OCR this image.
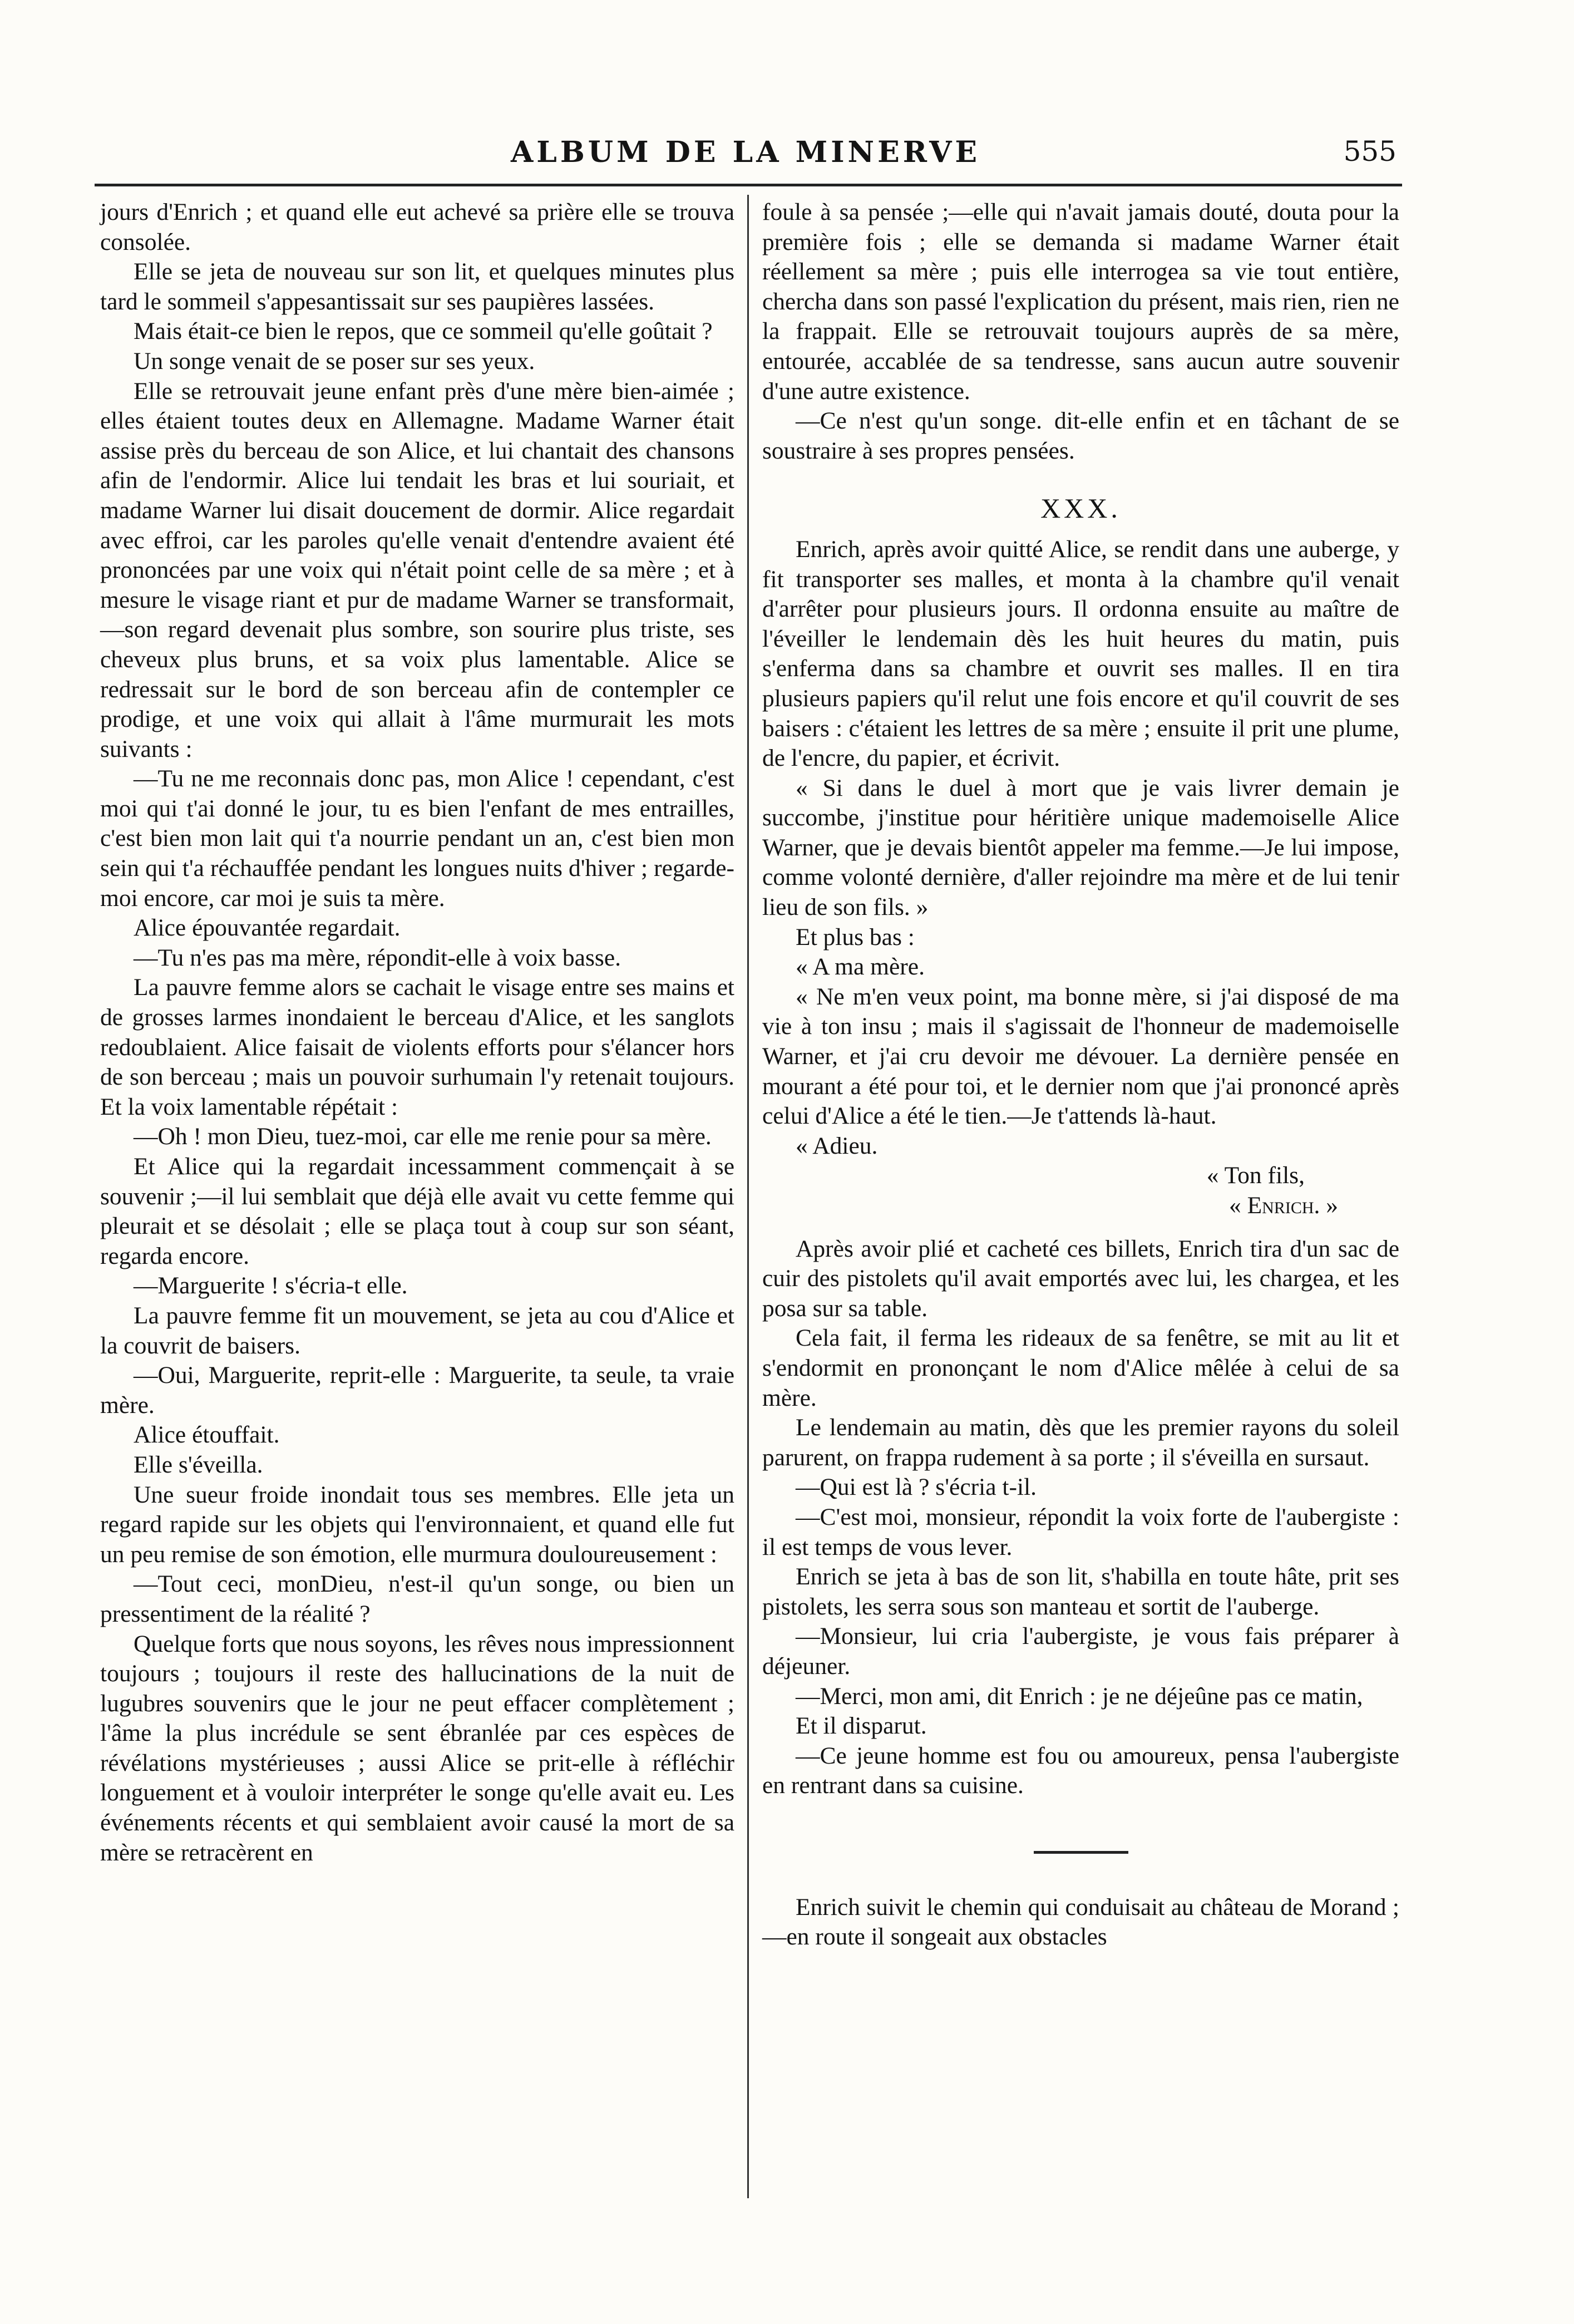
ALBUM DE LA MINERVE	555

jours d'Enrich ; et quand elle eut achevé sa prière elle se trouva consolée.

Elle se jeta de nouveau sur son lit, et quelques minutes plus tard le sommeil s'appesantissait sur ses paupières lassées.

Mais était-ce bien le repos, que ce sommeil qu'elle goûtait ?

Un songe venait de se poser sur ses yeux.

Elle se retrouvait jeune enfant près d'une mère bien-aimée ; elles étaient toutes deux en Allemagne. Madame Warner était assise près du berceau de son Alice, et lui chantait des chansons afin de l'endormir. Alice lui tendait les bras et lui souriait, et madame Warner lui disait doucement de dormir. Alice regardait avec effroi, car les paroles qu'elle venait d'entendre avaient été prononcées par une voix qui n'était point celle de sa mère ; et à mesure le visage riant et pur de madame Warner se transformait,—son regard devenait plus sombre, son sourire plus triste, ses cheveux plus bruns, et sa voix plus lamentable. Alice se redressait sur le bord de son berceau afin de contempler ce prodige, et une voix qui allait à l'âme murmurait les mots suivants :

—Tu ne me reconnais donc pas, mon Alice ! cependant, c'est moi qui t'ai donné le jour, tu es bien l'enfant de mes entrailles, c'est bien mon lait qui t'a nourrie pendant un an, c'est bien mon sein qui t'a réchauffée pendant les longues nuits d'hiver ; regarde-moi encore, car moi je suis ta mère.

Alice épouvantée regardait.

—Tu n'es pas ma mère, répondit-elle à voix basse.

La pauvre femme alors se cachait le visage entre ses mains et de grosses larmes inondaient le berceau d'Alice, et les sanglots redoublaient. Alice faisait de violents efforts pour s'élancer hors de son berceau ; mais un pouvoir surhumain l'y retenait toujours. Et la voix lamentable répétait :

—Oh ! mon Dieu, tuez-moi, car elle me renie pour sa mère.

Et Alice qui la regardait incessamment commençait à se souvenir ;—il lui semblait que déjà elle avait vu cette femme qui pleurait et se désolait ; elle se plaça tout à coup sur son séant, regarda encore.

—Marguerite ! s'écria-t elle.

La pauvre femme fit un mouvement, se jeta au cou d'Alice et la couvrit de baisers.

—Oui, Marguerite, reprit-elle : Marguerite, ta seule, ta vraie mère.

Alice étouffait.

Elle s'éveilla.

Une sueur froide inondait tous ses membres. Elle jeta un regard rapide sur les objets qui l'environnaient, et quand elle fut un peu remise de son émotion, elle murmura douloureusement :

—Tout ceci, monDieu, n'est-il qu'un songe, ou bien un pressentiment de la réalité ?

Quelque forts que nous soyons, les rêves nous impressionnent toujours ; toujours il reste des hallucinations de la nuit de lugubres souvenirs que le jour ne peut effacer complètement ; l'âme la plus incrédule se sent ébranlée par ces espèces de révélations mystérieuses ; aussi Alice se prit-elle à réfléchir longuement et à vouloir interpréter le songe qu'elle avait eu. Les événements récents et qui semblaient avoir causé la mort de sa mère se retracèrent en

foule à sa pensée ;—elle qui n'avait jamais douté, douta pour la première fois ; elle se demanda si madame Warner était réellement sa mère ; puis elle interrogea sa vie tout entière, chercha dans son passé l'explication du présent, mais rien, rien ne la frappait. Elle se retrouvait toujours auprès de sa mère, entourée, accablée de sa tendresse, sans aucun autre souvenir d'une autre existence.

—Ce n'est qu'un songe. dit-elle enfin et en tâchant de se soustraire à ses propres pensées.

XXX.

Enrich, après avoir quitté Alice, se rendit dans une auberge, y fit transporter ses malles, et monta à la chambre qu'il venait d'arrêter pour plusieurs jours. Il ordonna ensuite au maître de l'éveiller le lendemain dès les huit heures du matin, puis s'enferma dans sa chambre et ouvrit ses malles. Il en tira plusieurs papiers qu'il relut une fois encore et qu'il couvrit de ses baisers : c'étaient les lettres de sa mère ; ensuite il prit une plume, de l'encre, du papier, et écrivit.

« Si dans le duel à mort que je vais livrer demain je succombe, j'institue pour héritière unique mademoiselle Alice Warner, que je devais bientôt appeler ma femme.—Je lui impose, comme volonté dernière, d'aller rejoindre ma mère et de lui tenir lieu de son fils. »

Et plus bas :

« A ma mère.

« Ne m'en veux point, ma bonne mère, si j'ai disposé de ma vie à ton insu ; mais il s'agissait de l'honneur de mademoiselle Warner, et j'ai cru devoir me dévouer. La dernière pensée en mourant a été pour toi, et le dernier nom que j'ai prononcé après celui d'Alice a été le tien.—Je t'attends là-haut.

« Adieu.

« Ton fils,

« Enrich. »

Après avoir plié et cacheté ces billets, Enrich tira d'un sac de cuir des pistolets qu'il avait emportés avec lui, les chargea, et les posa sur sa table.

Cela fait, il ferma les rideaux de sa fenêtre, se mit au lit et s'endormit en prononçant le nom d'Alice mêlée à celui de sa mère.

Le lendemain au matin, dès que les premier rayons du soleil parurent, on frappa rudement à sa porte ; il s'éveilla en sursaut.

—Qui est là ? s'écria t-il.

—C'est moi, monsieur, répondit la voix forte de l'aubergiste : il est temps de vous lever.

Enrich se jeta à bas de son lit, s'habilla en toute hâte, prit ses pistolets, les serra sous son manteau et sortit de l'auberge.

—Monsieur, lui cria l'aubergiste, je vous fais préparer à déjeuner.

—Merci, mon ami, dit Enrich : je ne déjeûne pas ce matin,

Et il disparut.

—Ce jeune homme est fou ou amoureux, pensa l'aubergiste en rentrant dans sa cuisine.

Enrich suivit le chemin qui conduisait au château de Morand ;—en route il songeait aux obstacles
